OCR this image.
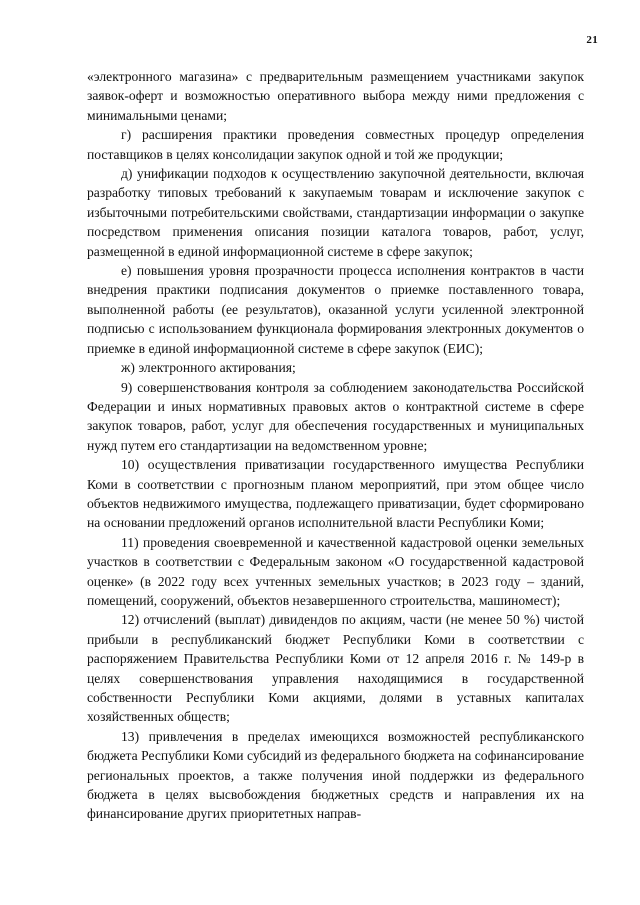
21

«электронного магазина» с предварительным размещением участниками закупок заявок-оферт и возможностью оперативного выбора между ними предложения с минимальными ценами;

г) расширения практики проведения совместных процедур определения поставщиков в целях консолидации закупок одной и той же продукции;

д) унификации подходов к осуществлению закупочной деятельности, включая разработку типовых требований к закупаемым товарам и исключение закупок с избыточными потребительскими свойствами, стандартизации информации о закупке посредством применения описания позиции каталога товаров, работ, услуг, размещенной в единой информационной системе в сфере закупок;

е) повышения уровня прозрачности процесса исполнения контрактов в части внедрения практики подписания документов о приемке поставленного товара, выполненной работы (ее результатов), оказанной услуги усиленной электронной подписью с использованием функционала формирования электронных документов о приемке в единой информационной системе в сфере закупок (ЕИС);

ж) электронного актирования;

9) совершенствования контроля за соблюдением законодательства Российской Федерации и иных нормативных правовых актов о контрактной системе в сфере закупок товаров, работ, услуг для обеспечения государственных и муниципальных нужд путем его стандартизации на ведомственном уровне;

10) осуществления приватизации государственного имущества Республики Коми в соответствии с прогнозным планом мероприятий, при этом общее число объектов недвижимого имущества, подлежащего приватизации, будет сформировано на основании предложений органов исполнительной власти Республики Коми;

11) проведения своевременной и качественной кадастровой оценки земельных участков в соответствии с Федеральным законом «О государственной кадастровой оценке» (в 2022 году всех учтенных земельных участков; в 2023 году – зданий, помещений, сооружений, объектов незавершенного строительства, машиномест);

12) отчислений (выплат) дивидендов по акциям, части (не менее 50 %) чистой прибыли в республиканский бюджет Республики Коми в соответствии с распоряжением Правительства Республики Коми от 12 апреля 2016 г. № 149-р в целях совершенствования управления находящимися в государственной собственности Республики Коми акциями, долями в уставных капиталах хозяйственных обществ;

13) привлечения в пределах имеющихся возможностей республиканского бюджета Республики Коми субсидий из федерального бюджета на софинансирование региональных проектов, а также получения иной поддержки из федерального бюджета в целях высвобождения бюджетных средств и направления их на финансирование других приоритетных направ-
